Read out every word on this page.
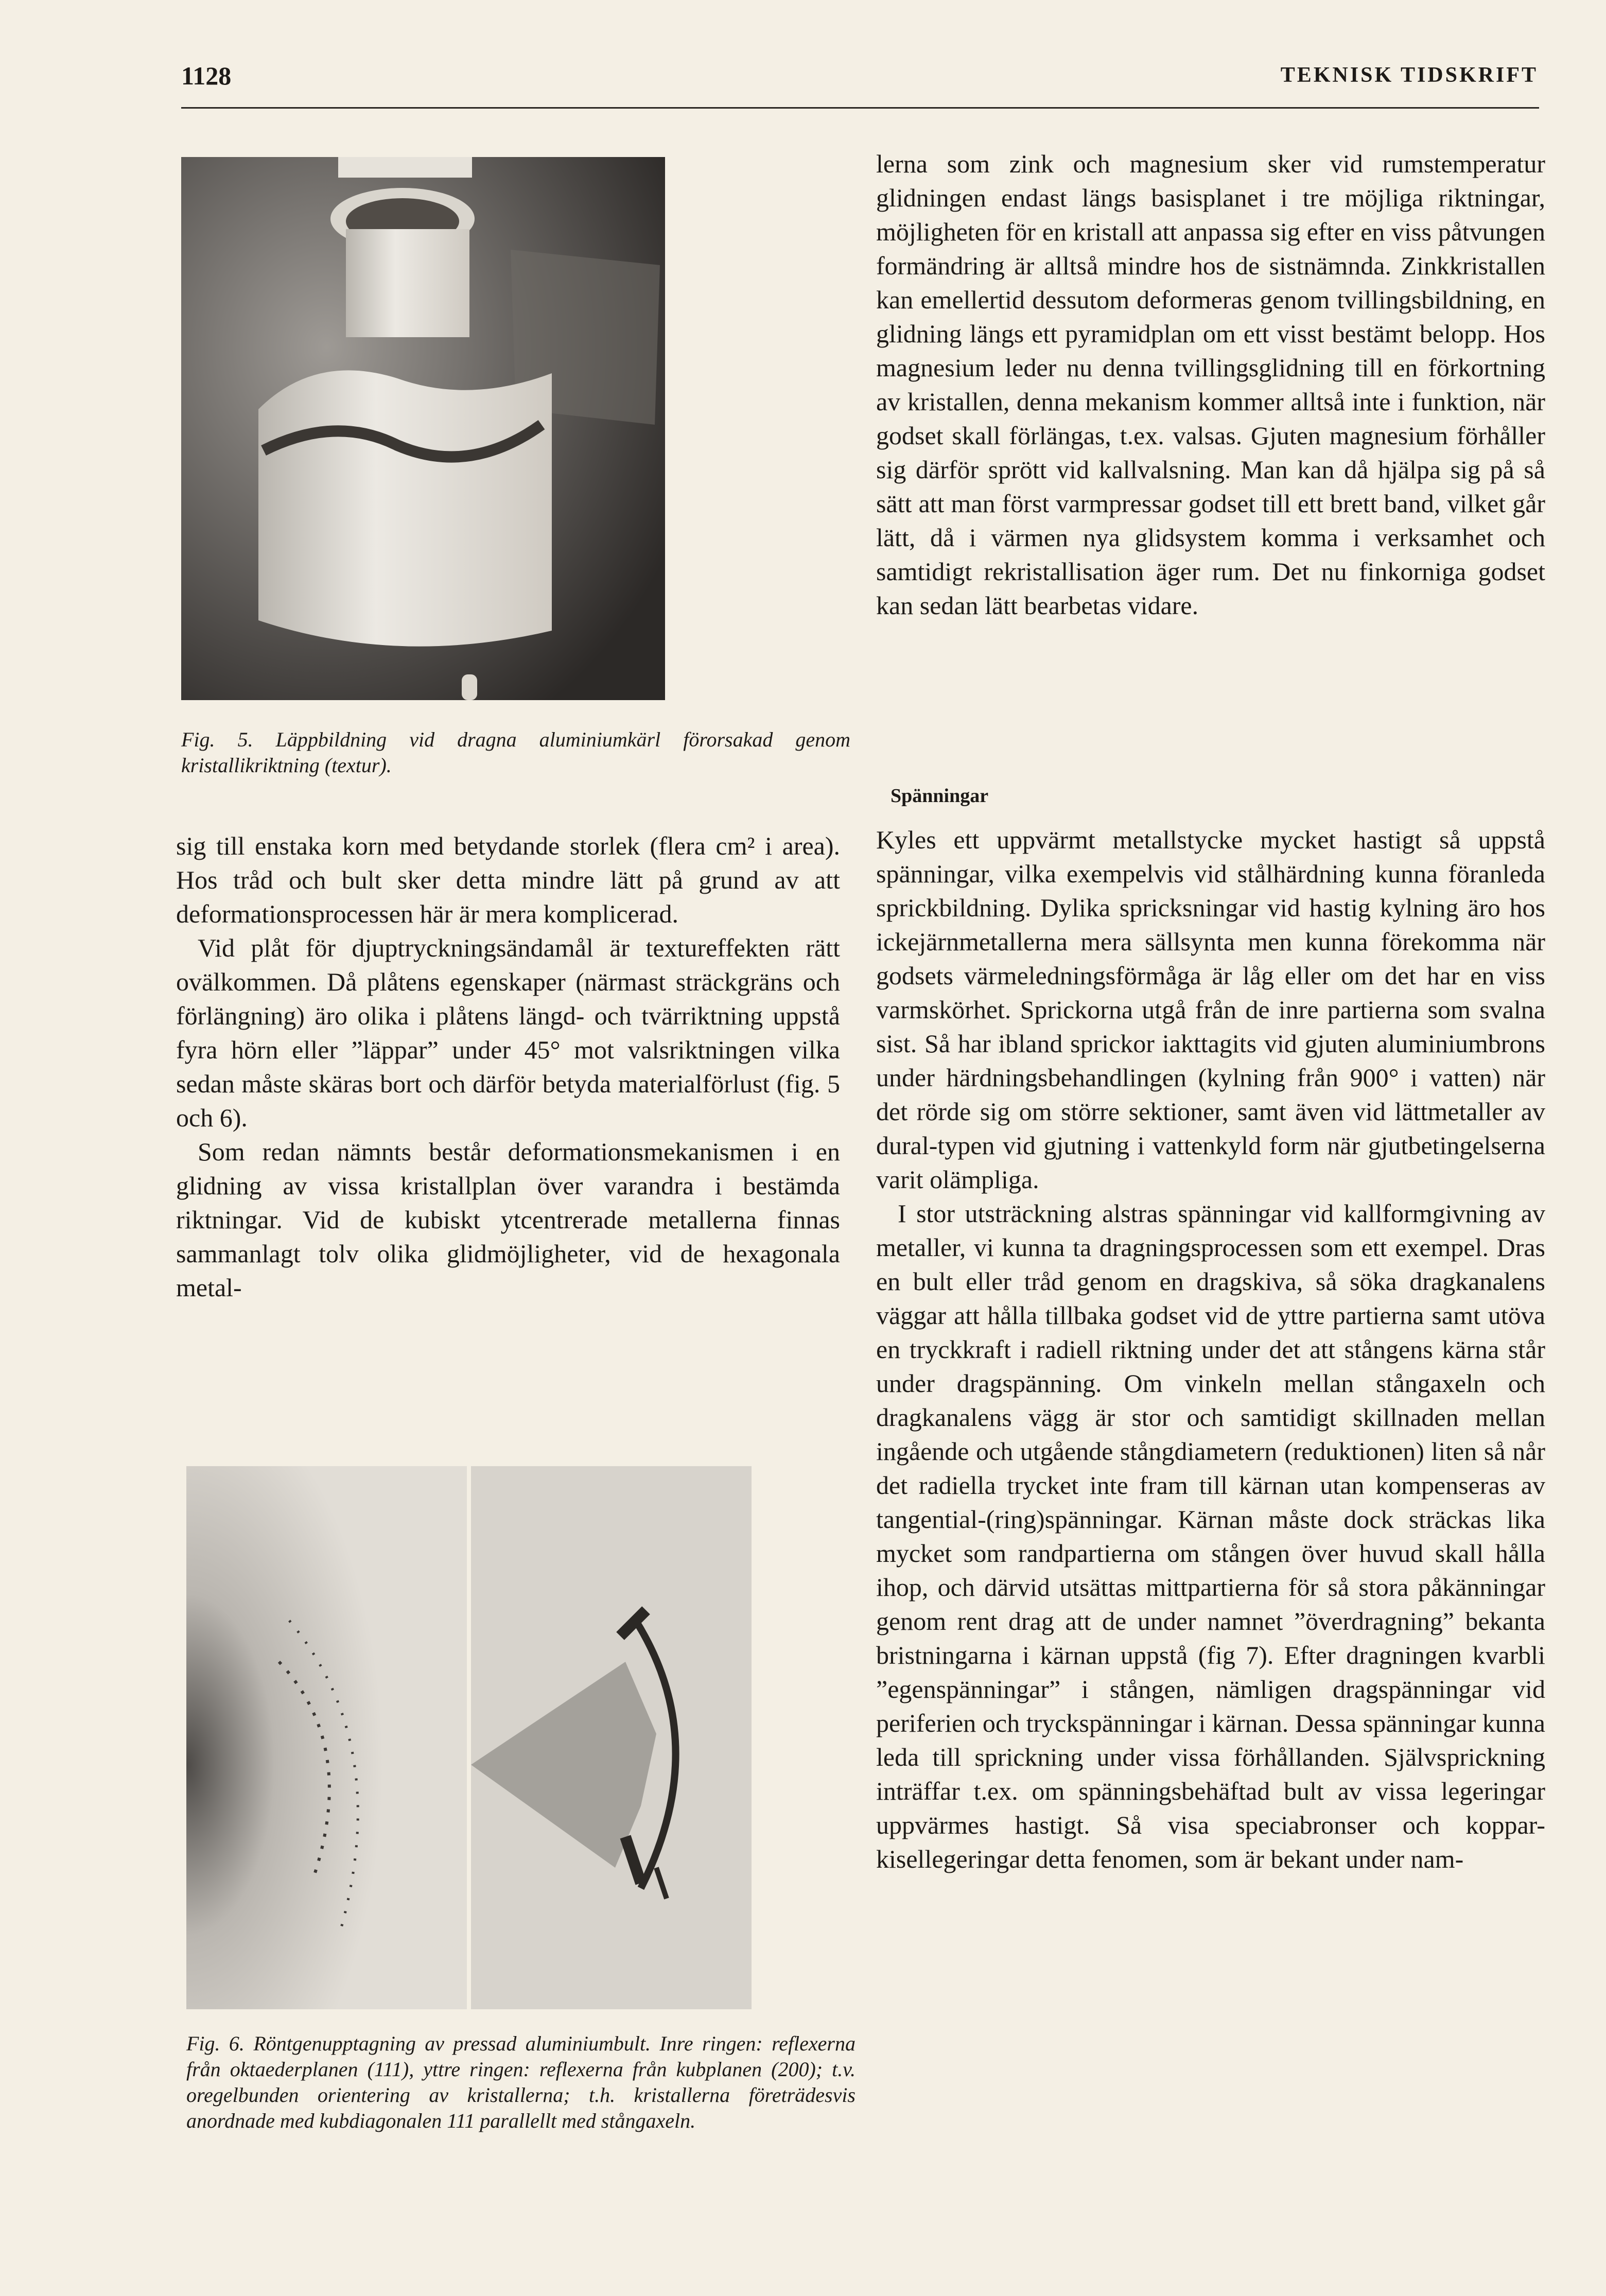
1128	TEKNISK TIDSKRIFT
Fig. 5. Läppbildning vid dragna aluminiumkärl förorsakad genom kristallikriktning (textur).

sig till enstaka korn med betydande storlek (flera cm² i area). Hos tråd och bult sker detta mindre lätt på grund av att deformationsprocessen här är mera komplicerad.

Vid plåt för djuptryckningsändamål är texturеffekten rätt ovälkommen. Då plåtens egenskaper (närmast sträckgräns och förlängning) äro olika i plåtens längd- och tvärriktning uppstå fyra hörn eller ”läppar” under 45° mot valsriktningen vilka sedan måste skäras bort och därför betyda materialförlust (fig. 5 och 6).

Som redan nämnts består deformationsmekanismen i en glidning av vissa kristallplan över varandra i bestämda riktningar. Vid de kubiskt ytcentrerade metallerna finnas sammanlagt tolv olika glidmöjligheter, vid de hexagonala metal-

Fig. 6. Röntgenupptagning av pressad aluminiumbult. Inre ringen: reflexerna från oktaederplanen (111), yttre ringen: reflexerna från kubplanen (200); t.v. oregelbunden orientering av kristallerna; t.h. kristallerna företrädesvis anordnade med kubdiagonalen 111 parallellt med stångaxeln.

lerna som zink och magnesium sker vid rumstemperatur glidningen endast längs basisplanet i tre möjliga riktningar, möjligheten för en kristall att anpassa sig efter en viss påtvungen formändring är alltså mindre hos de sistnämnda. Zinkkristallen kan emellertid dessutom deformeras genom tvillingsbildning, en glidning längs ett pyramidplan om ett visst bestämt belopp. Hos magnesium leder nu denna tvillingsglidning till en förkortning av kristallen, denna mekanism kommer alltså inte i funktion, när godset skall förlängas, t.ex. valsas. Gjuten magnesium förhåller sig därför sprött vid kallvalsning. Man kan då hjälpa sig på så sätt att man först varmpressar godset till ett brett band, vilket går lätt, då i värmen nya glidsystem komma i verksamhet och samtidigt rekristallisation äger rum. Det nu finkorniga godset kan sedan lätt bearbetas vidare.

Spänningar

Kyles ett uppvärmt metallstycke mycket hastigt så uppstå spänningar, vilka exempelvis vid stålhärdning kunna föranleda sprickbildning. Dylika spricksningar vid hastig kylning äro hos ickejärnmetallerna mera sällsynta men kunna förekomma när godsets värmeledningsförmåga är låg eller om det har en viss varmskörhet. Sprickorna utgå från de inre partierna som svalna sist. Så har ibland sprickor iakttagits vid gjuten aluminiumbrons under härdningsbehandlingen (kylning från 900° i vatten) när det rörde sig om större sektioner, samt även vid lättmetaller av dural-typen vid gjutning i vattenkyld form när gjutbetingelserna varit olämpliga.

I stor utsträckning alstras spänningar vid kallformgivning av metaller, vi kunna ta dragningsprocessen som ett exempel. Dras en bult eller tråd genom en dragskiva, så söka dragkanalens väggar att hålla tillbaka godset vid de yttre partierna samt utöva en tryckkraft i radiell riktning under det att stångens kärna står under dragspänning. Om vinkeln mellan stångaxeln och dragkanalens vägg är stor och samtidigt skillnaden mellan ingående och utgående stångdiametern (reduktionen) liten så når det radiella trycket inte fram till kärnan utan kompenseras av tangential-(ring)spänningar. Kärnan måste dock sträckas lika mycket som randpartierna om stången över huvud skall hålla ihop, och därvid utsättas mittpartierna för så stora påkänningar genom rent drag att de under namnet ”överdragning” bekanta bristningarna i kärnan uppstå (fig 7). Efter dragningen kvarbli ”egenspänningar” i stången, nämligen dragspänningar vid periferien och tryckspänningar i kärnan. Dessa spänningar kunna leda till sprickning under vissa förhållanden. Självsprickning inträffar t.ex. om spänningsbehäftad bult av vissa legeringar uppvärmes hastigt. Så visa speciabronser och koppar-kisellegeringar detta fenomen, som är bekant under nam-
